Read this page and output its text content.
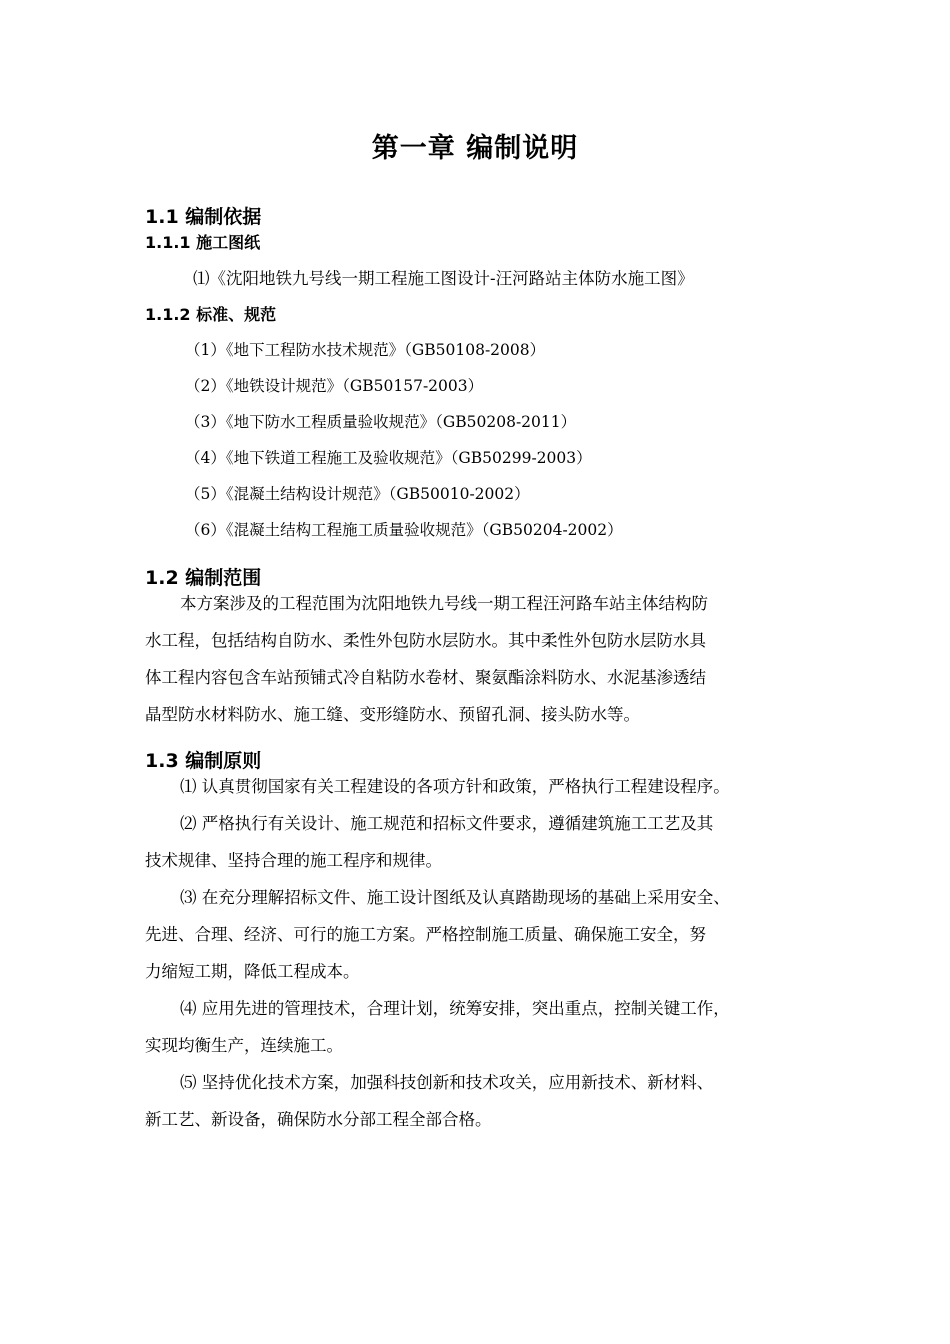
第一章 编制说明
1.1 编制依据
1.1.1 施工图纸
⑴《沈阳地铁九号线一期工程施工图设计-汪河路站主体防水施工图》
1.1.2 标准、规范
（1）《地下工程防水技术规范》（GB50108-2008）
（2）《地铁设计规范》（GB50157-2003）
（3）《地下防水工程质量验收规范》（GB50208-2011）
（4）《地下铁道工程施工及验收规范》（GB50299-2003）
（5）《混凝土结构设计规范》（GB50010-2002）
（6）《混凝土结构工程施工质量验收规范》（GB50204-2002）
1.2 编制范围
本方案涉及的工程范围为沈阳地铁九号线一期工程汪河路车站主体结构防
水工程，包括结构自防水、柔性外包防水层防水。其中柔性外包防水层防水具
体工程内容包含车站预铺式冷自粘防水卷材、聚氨酯涂料防水、水泥基渗透结
晶型防水材料防水、施工缝、变形缝防水、预留孔洞、接头防水等。
1.3 编制原则
⑴ 认真贯彻国家有关工程建设的各项方针和政策，严格执行工程建设程序。
⑵ 严格执行有关设计、施工规范和招标文件要求，遵循建筑施工工艺及其
技术规律、坚持合理的施工程序和规律。
⑶ 在充分理解招标文件、施工设计图纸及认真踏勘现场的基础上采用安全、
先进、合理、经济、可行的施工方案。严格控制施工质量、确保施工安全，努
力缩短工期，降低工程成本。
⑷ 应用先进的管理技术，合理计划，统筹安排，突出重点，控制关键工作，
实现均衡生产，连续施工。
⑸ 坚持优化技术方案，加强科技创新和技术攻关，应用新技术、新材料、
新工艺、新设备，确保防水分部工程全部合格。
